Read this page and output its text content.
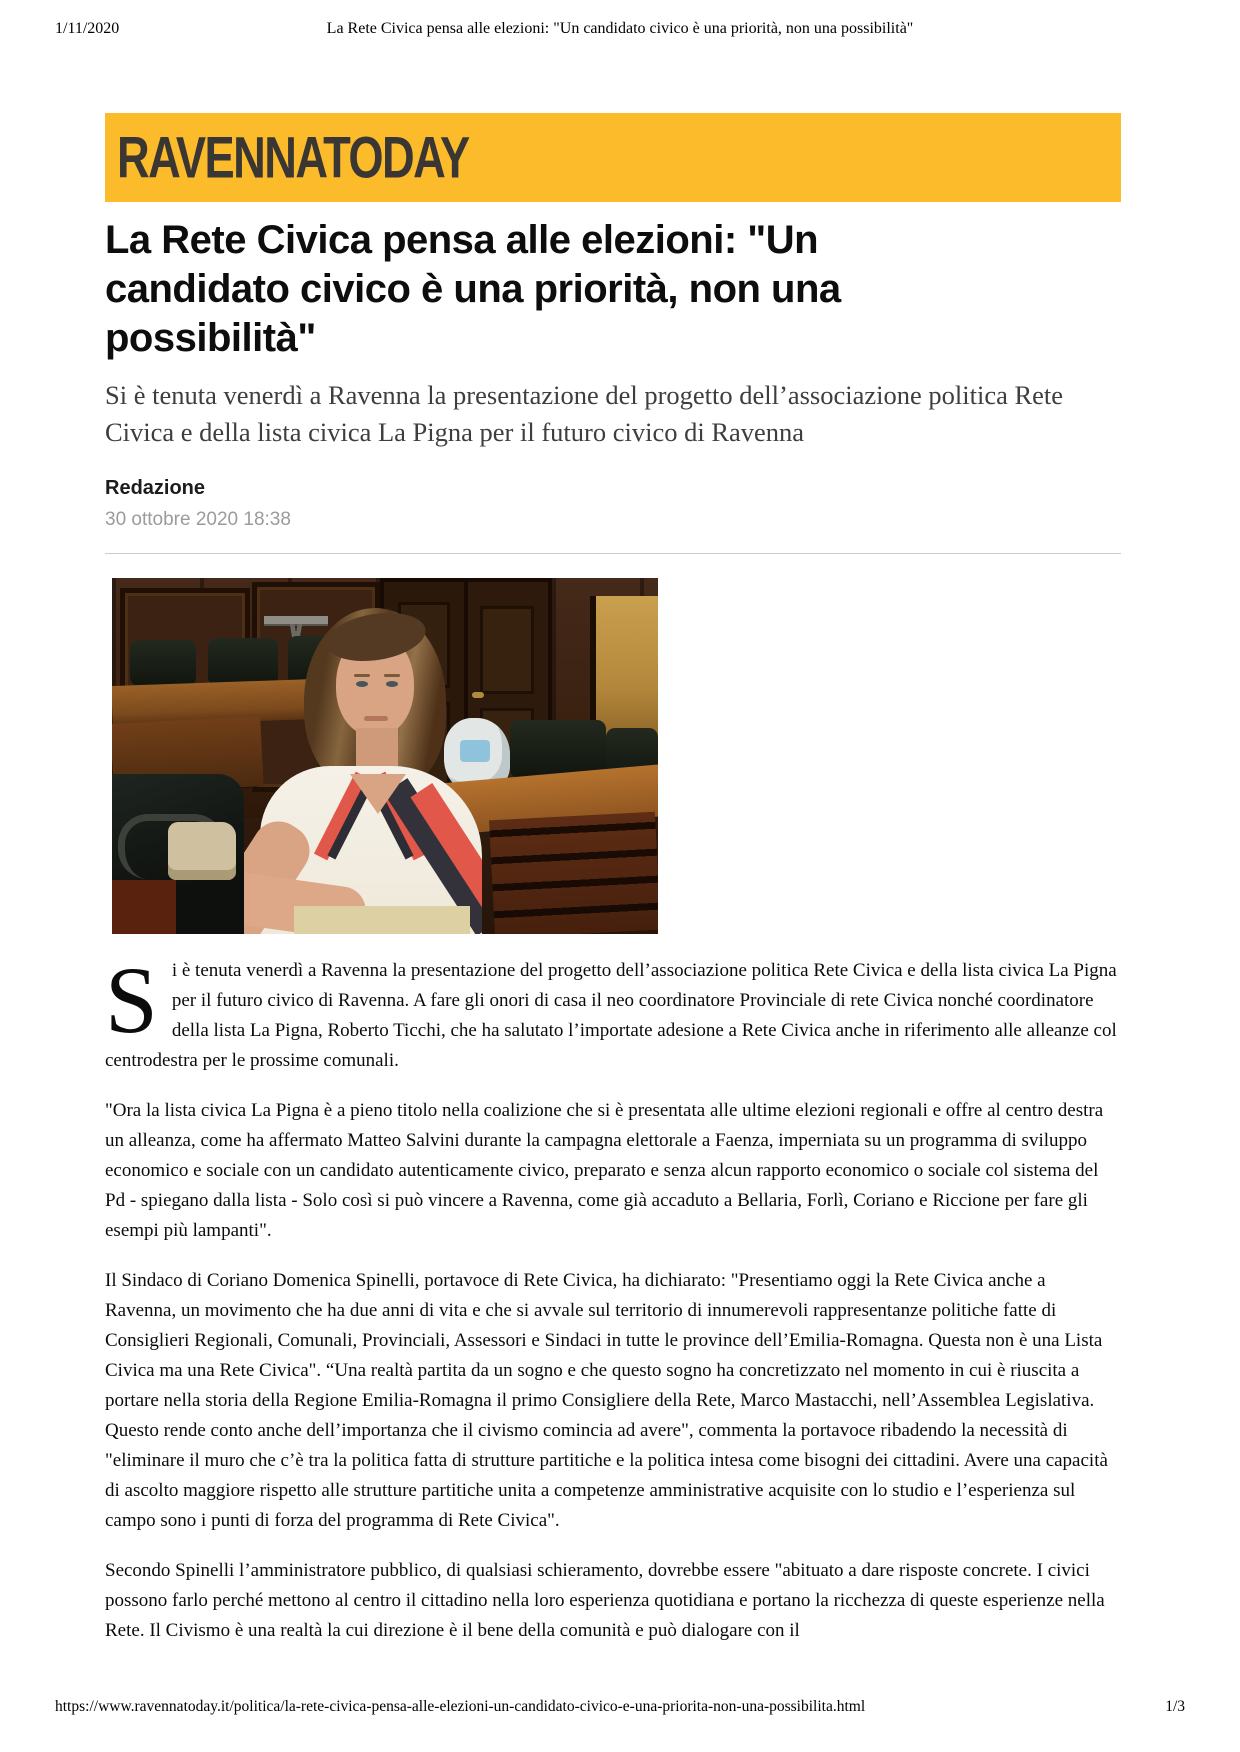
1/11/2020	La Rete Civica pensa alle elezioni: "Un candidato civico è una priorità, non una possibilità"
RAVENNATODAY
La Rete Civica pensa alle elezioni: "Un candidato civico è una priorità, non una possibilità"

Si è tenuta venerdì a Ravenna la presentazione del progetto dell’associazione politica Rete Civica e della lista civica La Pigna per il futuro civico di Ravenna

Redazione
30 ottobre 2020 18:38

Si è tenuta venerdì a Ravenna la presentazione del progetto dell’associazione politica Rete Civica e della lista civica La Pigna per il futuro civico di Ravenna. A fare gli onori di casa il neo coordinatore Provinciale di rete Civica nonché coordinatore della lista La Pigna, Roberto Ticchi, che ha salutato l’importate adesione a Rete Civica anche in riferimento alle alleanze col centrodestra per le prossime comunali.

"Ora la lista civica La Pigna è a pieno titolo nella coalizione che si è presentata alle ultime elezioni regionali e offre al centro destra un alleanza, come ha affermato Matteo Salvini durante la campagna elettorale a Faenza, imperniata su un programma di sviluppo economico e sociale con un candidato autenticamente civico, preparato e senza alcun rapporto economico o sociale col sistema del Pd - spiegano dalla lista - Solo così si può vincere a Ravenna, come già accaduto a Bellaria, Forlì, Coriano e Riccione per fare gli esempi più lampanti".

Il Sindaco di Coriano Domenica Spinelli, portavoce di Rete Civica, ha dichiarato: "Presentiamo oggi la Rete Civica anche a Ravenna, un movimento che ha due anni di vita e che si avvale sul territorio di innumerevoli rappresentanze politiche fatte di Consiglieri Regionali, Comunali, Provinciali, Assessori e Sindaci in tutte le province dell’Emilia-Romagna. Questa non è una Lista Civica ma una Rete Civica". “Una realtà partita da un sogno e che questo sogno ha concretizzato nel momento in cui è riuscita a portare nella storia della Regione Emilia-Romagna il primo Consigliere della Rete, Marco Mastacchi, nell’Assemblea Legislativa. Questo rende conto anche dell’importanza che il civismo comincia ad avere", commenta la portavoce ribadendo la necessità di "eliminare il muro che c’è tra la politica fatta di strutture partitiche e la politica intesa come bisogni dei cittadini. Avere una capacità di ascolto maggiore rispetto alle strutture partitiche unita a competenze amministrative acquisite con lo studio e l’esperienza sul campo sono i punti di forza del programma di Rete Civica".

Secondo Spinelli l’amministratore pubblico, di qualsiasi schieramento, dovrebbe essere "abituato a dare risposte concrete. I civici possono farlo perché mettono al centro il cittadino nella loro esperienza quotidiana e portano la ricchezza di queste esperienze nella Rete. Il Civismo è una realtà la cui direzione è il bene della comunità e può dialogare con il

https://www.ravennatoday.it/politica/la-rete-civica-pensa-alle-elezioni-un-candidato-civico-e-una-priorita-non-una-possibilita.html	1/3
